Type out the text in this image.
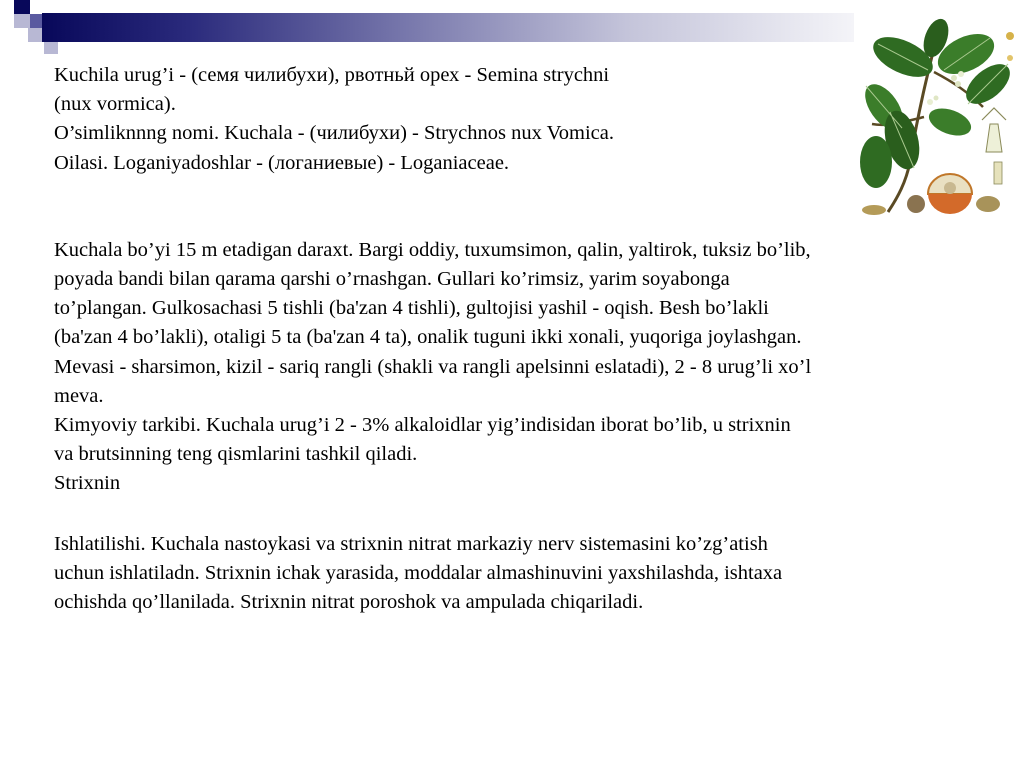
Kuchila urug’i - (семя чилибухи), рвотньй орех - Semina strychni
(nux vormica).
O’simliknnng nomi. Kuchala - (чилибухи) - Strychnos nux Vomica.
Oilasi. Loganiyadoshlar - (логаниевые) - Loganiaceae.
Kuchala bo’yi 15 m etadigan daraxt. Bargi oddiy, tuxumsimon, qalin, yaltirok, tuksiz bo’lib,
poyada bandi bilan qarama qarshi o’rnashgan. Gullari ko’rimsiz, yarim soyabonga
to’plangan. Gulkosachasi 5 tishli (ba'zan 4 tishli), gultojisi yashil - oqish. Besh bo’lakli
(ba'zan 4 bo’lakli), otaligi 5 ta (ba'zan 4 ta), onalik tuguni ikki xonali, yuqoriga joylashgan.
Mevasi - sharsimon, kizil - sariq rangli (shakli va rangli apelsinni eslatadi), 2 - 8 urug’li xo’l
meva.
Kimyoviy tarkibi. Kuchala urug’i 2 - 3% alkaloidlar yig’indisidan iborat bo’lib, u strixnin
va brutsinning teng qismlarini tashkil qiladi.
Strixnin
Ishlatilishi. Kuchala nastoykasi va strixnin nitrat markaziy nerv sistemasini ko’zg’atish
uchun ishlatiladn. Strixnin ichak yarasida, moddalar almashinuvini yaxshilashda, ishtaxa
ochishda qo’llanilada. Strixnin nitrat poroshok va ampulada chiqariladi.
